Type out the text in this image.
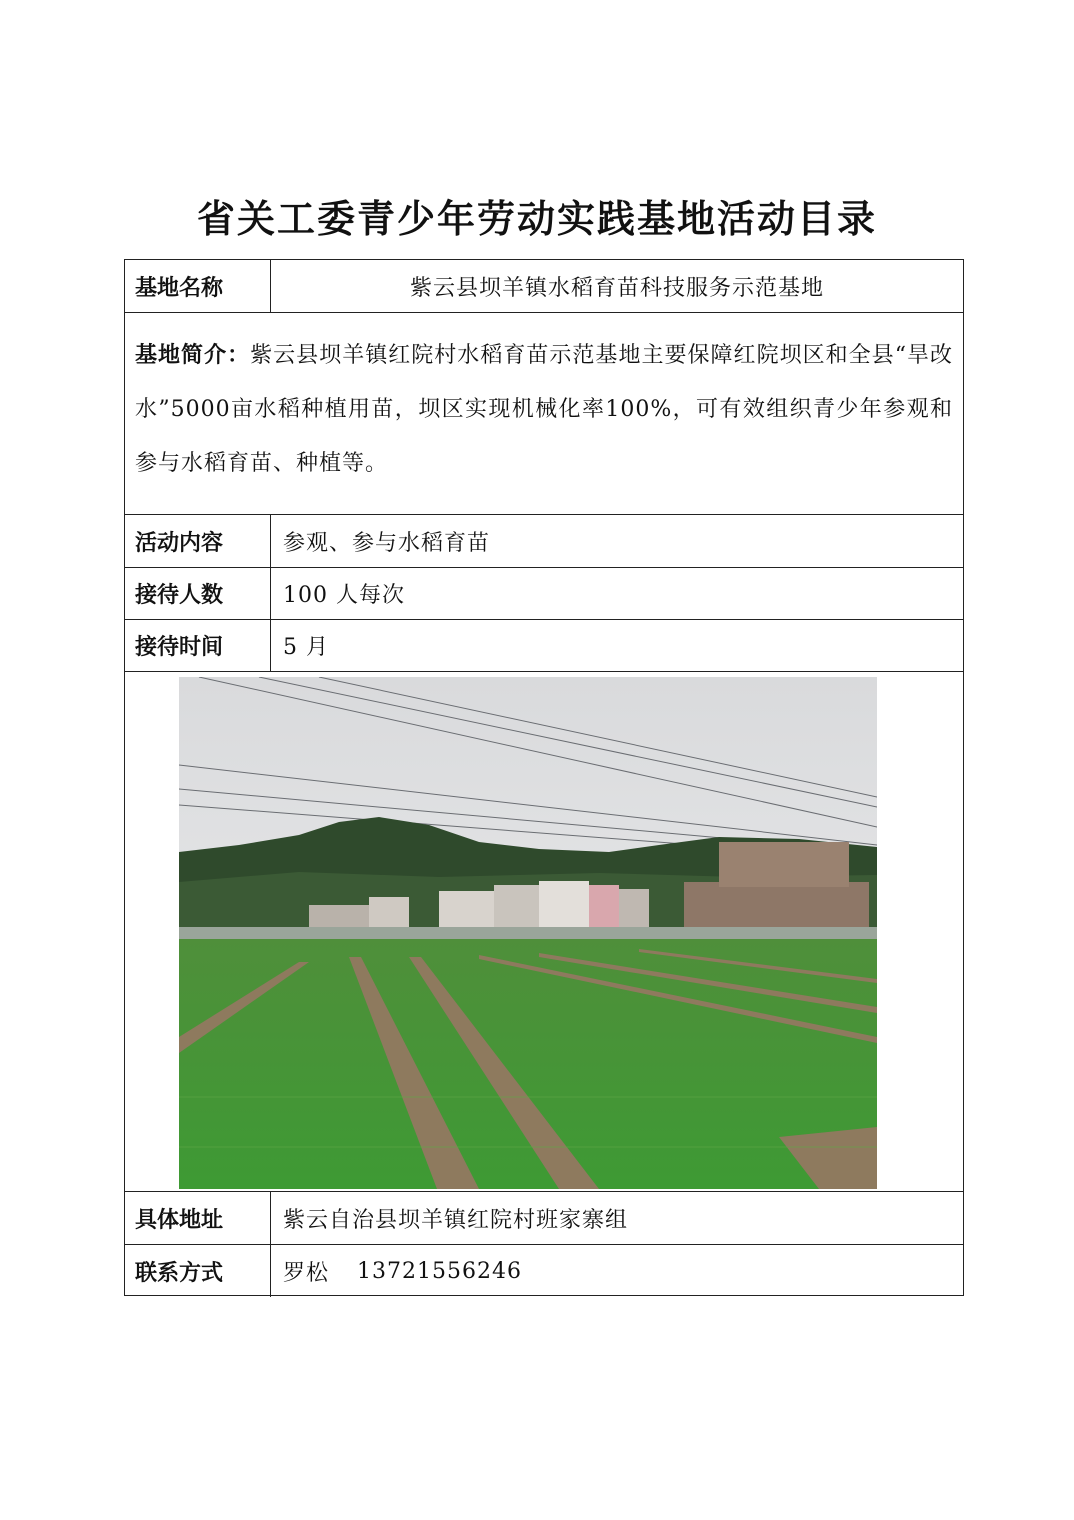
省关工委青少年劳动实践基地活动目录
基地名称	紫云县坝羊镇水稻育苗科技服务示范基地
基地简介：紫云县坝羊镇红院村水稻育苗示范基地主要保障红院坝区和全县“旱改水”5000亩水稻种植用苗，坝区实现机械化率100%，可有效组织青少年参观和参与水稻育苗、种植等。
活动内容	参观、参与水稻育苗
接待人数	100 人每次
接待时间	5 月
具体地址	紫云自治县坝羊镇红院村班家寨组
联系方式	罗松 13721556246
